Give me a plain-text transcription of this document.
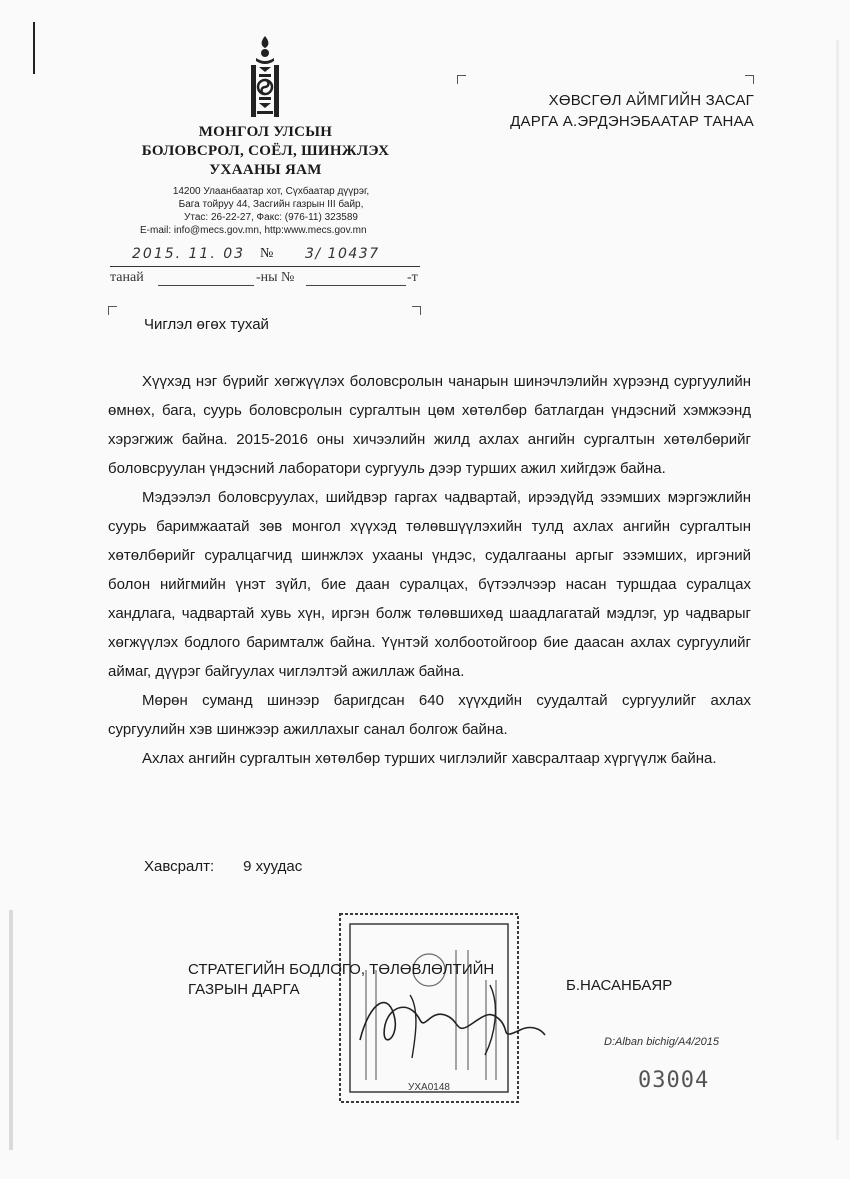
МОНГОЛ УЛСЫН
БОЛОВСРОЛ, СОЁЛ, ШИНЖЛЭХ
УХААНЫ ЯАМ
14200 Улаанбаатар хот, Сүхбаатар дүүрэг,
Бага тойруу 44, Засгийн газрын III байр,
Утас: 26-22-27, Факс: (976-11) 323589
E-mail: info@mecs.gov.mn, http:www.mecs.gov.mn
2015. 11. 03 № 3/ 10437
танай	-ны №	-т
ХӨВСГӨЛ АЙМГИЙН ЗАСАГ
ДАРГА А.ЭРДЭНЭБААТАР ТАНАА
Чиглэл өгөх тухай

Хүүхэд нэг бүрийг хөгжүүлэх боловсролын чанарын шинэчлэлийн хүрээнд сургуулийн өмнөх, бага, суурь боловсролын сургалтын цөм хөтөлбөр батлагдан үндэсний хэмжээнд хэрэгжиж байна. 2015-2016 оны хичээлийн жилд ахлах ангийн сургалтын хөтөлбөрийг боловсруулан үндэсний лаборатори сургууль дээр турших ажил хийгдэж байна.

Мэдээлэл боловсруулах, шийдвэр гаргах чадвартай, ирээдүйд эзэмших мэргэжлийн суурь баримжаатай зөв монгол хүүхэд төлөвшүүлэхийн тулд ахлах ангийн сургалтын хөтөлбөрийг суралцагчид шинжлэх ухааны үндэс, судалгааны аргыг эзэмших, иргэний болон нийгмийн үнэт зүйл, бие даан суралцах, бүтээлчээр насан туршдаа суралцах хандлага, чадвартай хувь хүн, иргэн болж төлөвшихөд шаадлагатай мэдлэг, ур чадварыг хөгжүүлэх бодлого баримталж байна. Үүнтэй холбоотойгоор бие даасан ахлах сургуулийг аймаг, дүүрэг байгуулах чиглэлтэй ажиллаж байна.

Мөрөн суманд шинээр баригдсан 640 хүүхдийн суудалтай сургуулийг ахлах сургуулийн хэв шинжээр ажиллахыг санал болгож байна.

Ахлах ангийн сургалтын хөтөлбөр турших чиглэлийг хавсралтаар хүргүүлж байна.

Хавсралт: 9 хуудас
УХА0148
СТРАТЕГИЙН БОДЛОГО, ТӨЛӨВЛӨЛТИЙН
ГАЗРЫН ДАРГА	Б.НАСАНБАЯР
D:Alban bichig/A4/2015
03004
